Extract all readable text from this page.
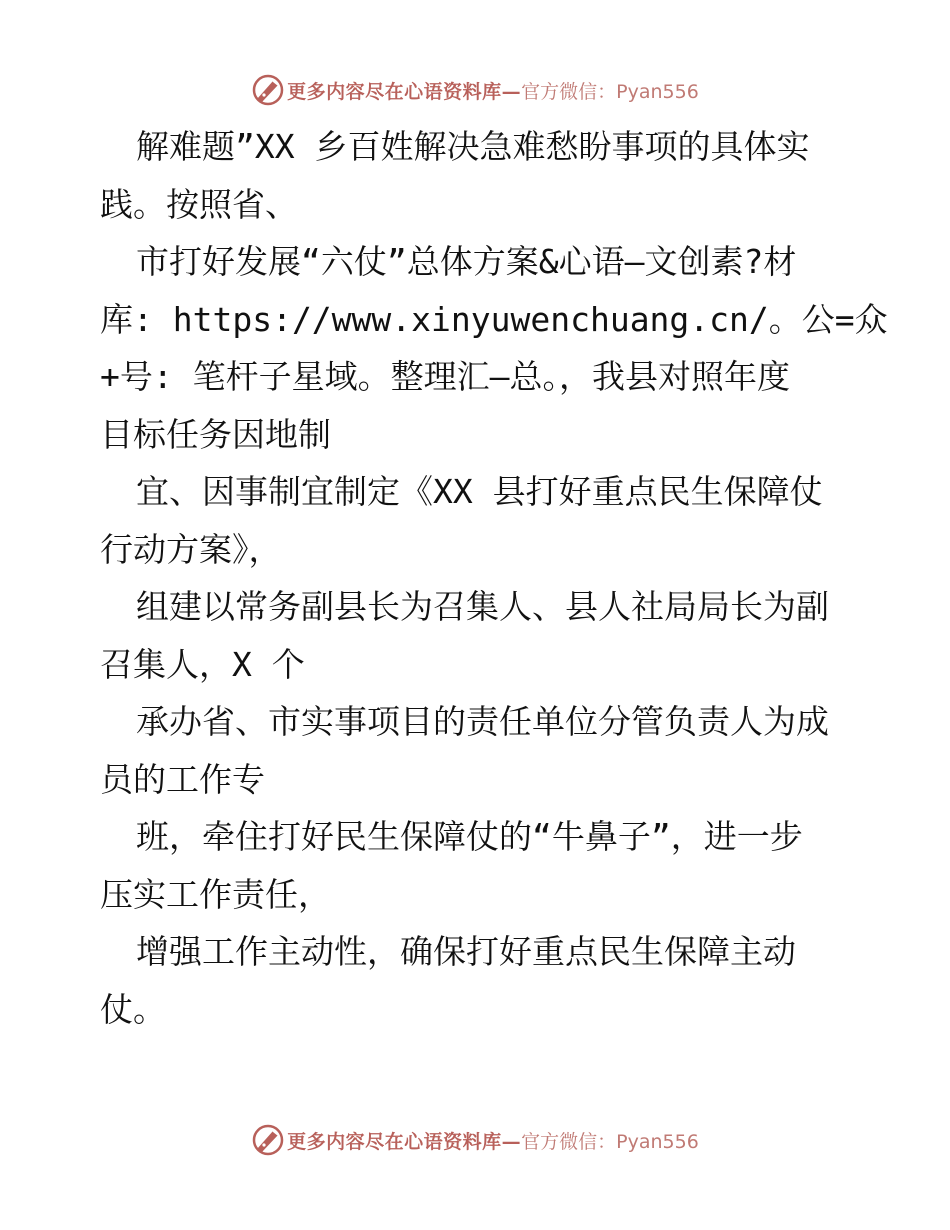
更多内容尽在心语资料库— 官方微信：Pyan556
解难题”XX 乡百姓解决急难愁盼事项的具体实
践。按照省、
市打好发展“六仗”总体方案&心语—文创素?材
库: https://www.xinyuwenchuang.cn/。公=众
+号: 笔杆子星域。整理汇—总。，我县对照年度
目标任务因地制
宜、因事制宜制定《XX 县打好重点民生保障仗
行动方案》，
组建以常务副县长为召集人、县人社局局长为副
召集人，X 个
承办省、市实事项目的责任单位分管负责人为成
员的工作专
班，牵住打好民生保障仗的“牛鼻子”，进一步
压实工作责任，
增强工作主动性，确保打好重点民生保障主动
仗。
更多内容尽在心语资料库— 官方微信：Pyan556
